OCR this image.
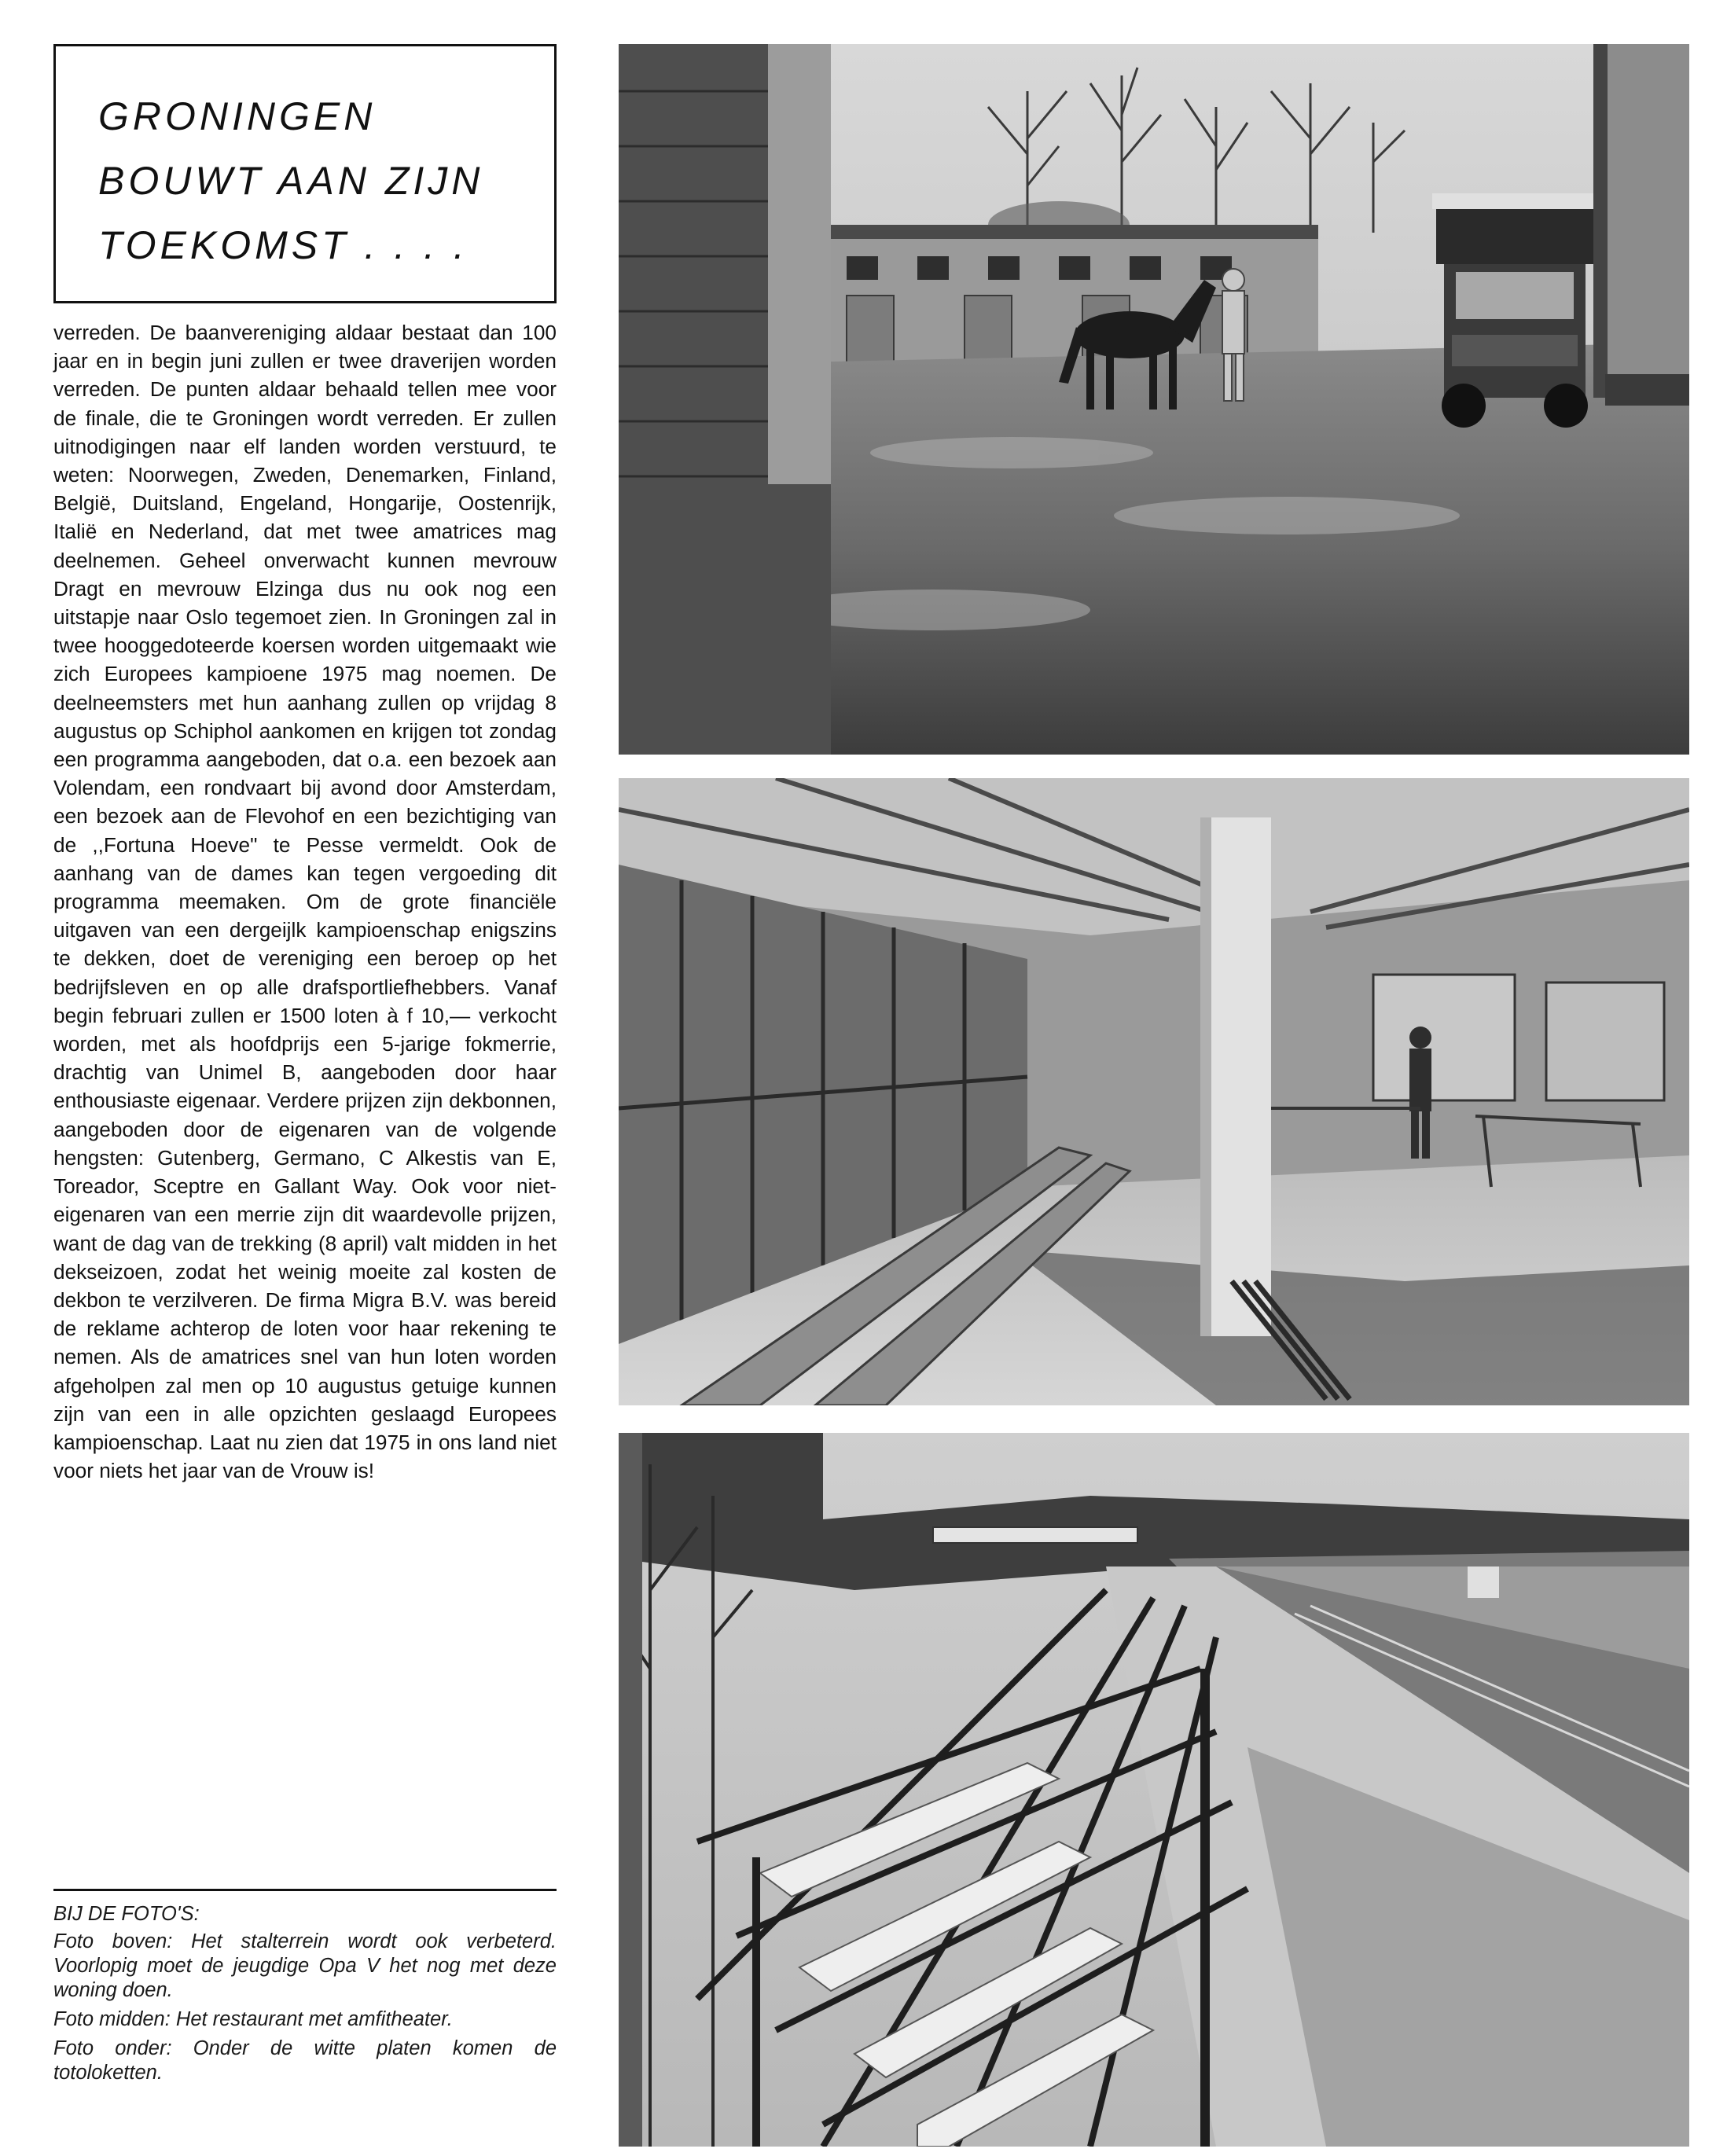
GRONINGEN
BOUWT AAN ZIJN
TOEKOMST . . . .

verreden. De baanvereniging aldaar bestaat dan 100 jaar en in begin juni zullen er twee draverijen worden verreden. De punten aldaar behaald tellen mee voor de finale, die te Groningen wordt verreden. Er zullen uitnodigingen naar elf landen worden verstuurd, te weten: Noorwegen, Zweden, Denemarken, Finland, België, Duitsland, Engeland, Hongarije, Oostenrijk, Italië en Nederland, dat met twee amatrices mag deelnemen. Geheel onverwacht kunnen mevrouw Dragt en mevrouw Elzinga dus nu ook nog een uitstapje naar Oslo tegemoet zien. In Groningen zal in twee hooggedoteerde koersen worden uitgemaakt wie zich Europees kampioene 1975 mag noemen. De deelneemsters met hun aanhang zullen op vrijdag 8 augustus op Schiphol aankomen en krijgen tot zondag een programma aangeboden, dat o.a. een bezoek aan Volendam, een rondvaart bij avond door Amsterdam, een bezoek aan de Flevohof en een bezichtiging van de ,,Fortuna Hoeve" te Pesse vermeldt. Ook de aanhang van de dames kan tegen vergoeding dit programma meemaken. Om de grote financiële uitgaven van een dergeijlk kampioenschap enigszins te dekken, doet de vereniging een beroep op het bedrijfsleven en op alle drafsportliefhebbers. Vanaf begin februari zullen er 1500 loten à f 10,— verkocht worden, met als hoofdprijs een 5-jarige fokmerrie, drachtig van Unimel B, aangeboden door haar enthousiaste eigenaar. Verdere prijzen zijn dekbonnen, aangeboden door de eigenaren van de volgende hengsten: Gutenberg, Germano, C Alkestis van E, Toreador, Sceptre en Gallant Way. Ook voor niet-eigenaren van een merrie zijn dit waardevolle prijzen, want de dag van de trekking (8 april) valt midden in het dekseizoen, zodat het weinig moeite zal kosten de dekbon te verzilveren. De firma Migra B.V. was bereid de reklame achterop de loten voor haar rekening te nemen. Als de amatrices snel van hun loten worden afgeholpen zal men op 10 augustus getuige kunnen zijn van een in alle opzichten geslaagd Europees kampioenschap. Laat nu zien dat 1975 in ons land niet voor niets het jaar van de Vrouw is!

BIJ DE FOTO'S:

Foto boven: Het stalterrein wordt ook verbeterd. Voorlopig moet de jeugdige Opa V het nog met deze woning doen.

Foto midden: Het restaurant met amfitheater.

Foto onder: Onder de witte platen komen de totoloketten.
